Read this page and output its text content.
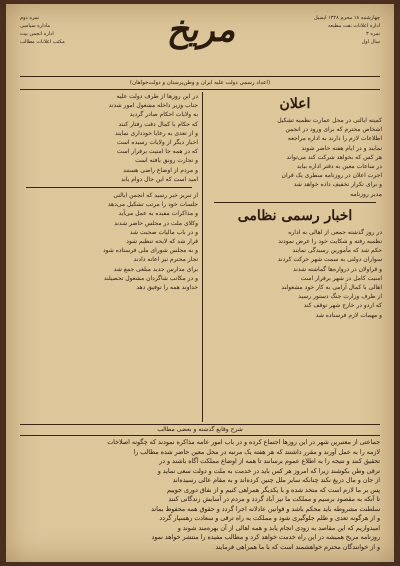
نمره دوم
ماداره سیاسی
اداره انجمن بیت
مکتب اعلانات مطالب	مریخ	چهارشنبه ۱۸ محرم ۱۳۲۸ ایسیل
اداره اعلانات نفت مطبعه
نمره ۳
سال اول
(اعداد رسمی دولت علیه ایران و وطن‌پرستان و دولت‌خواهان)
اعلان
کمیته ایالتی در محل عمارت نظمیه تشکیل
اشخاص محترم که برای ورود در انجمن
اطلاعات لازم را دارند به اداره مراجعه
نمایند و در ایام هفته حاضر شوند
هر کس که بخواهد شرکت کند می‌تواند
در ساعات معین به دفتر اداره بیاید
اجرت اعلان در روزنامه سطری یک قران
و برای تکرار تخفیف داده خواهد شد
مدیر روزنامه
اخبار رسمی نظامی
در روز گذشته جمعی از اهالی به اداره
نظمیه رفته و شکایت خود را عرض نمودند
حکم شد که مأمورین رسیدگی نمایند
سواران دولتی به سمت شهر حرکت کردند
و قراولان در دروازه‌ها گماشته شدند
امنیت کامل در شهر برقرار است
اهالی با کمال آرامی به کار خود مشغولند
از طرف وزارت جنگ دستور رسید
که اردو در خارج شهر توقف کند
و مهمات لازم فرستاده شد
در این روزها از طرف دولت علیه
جناب وزیر داخله مشغول امور شدند
به ولایات احکام صادر گردید
که حکام با کمال دقت رفتار کنند
و از تعدی به رعایا خودداری نمایند
اخبار دیگر از ولایات رسیده است
که در همه جا امنیت برقرار است
و تجارت رونق یافته است
و مردم از اوضاع راضی هستند
امید است که این حال دوام یابد
از تبریز خبر رسید که انجمن ایالتی
جلسات خود را مرتب تشکیل می‌دهد
و مذاکرات مفیده به عمل می‌آید
وکلای ملت در مجلس حاضر شدند
و در باب مالیات صحبت شد
قرار شد که لایحه تنظیم شود
و به مجلس شورای ملی فرستاده شود
تجار محترم نیز اعانه دادند
برای مدارس جدید مبلغی جمع شد
و در مکاتب شاگردان مشغول تحصیلند
خداوند همه را توفیق دهد
شرح وقایع گذشته و بعضی مطالب
جماعتی از معتبرین شهر در این روزها اجتماع کرده و در باب امور عامه مذاکره نمودند که چگونه اصلاحات
لازمه را به عمل آورند و مقرر داشتند که هر هفته یک مرتبه در محل معین حاضر شده مطالب را
تحقیق کنند و نتیجه را به اطلاع عموم برسانند تا همه از اوضاع مملکت آگاه باشند و در
ترقی وطن بکوشند زیرا که امروز هر کس باید در خدمت به ملت و دولت سعی نماید و
از جان و مال دریغ نکند چنانکه سایر ملل چنین کرده‌اند و به مقام عالی رسیده‌اند
پس بر ما لازم است که متحد شده و با یکدیگر همراهی کنیم و از نفاق دوری جوییم
تا آنکه به مقصود برسیم و مملکت ما نیز آباد گردد و مردم در آسایش زندگانی کنند
سلطنت مشروطه باید محکم باشد و قوانین عادلانه اجرا گردد و حقوق همه محفوظ بماند
و از هرگونه تعدی و ظلم جلوگیری شود و مملکت به راه ترقی و سعادت رهسپار گردد
امیدواریم که این مقاصد به زودی انجام یابد و همه اهالی از آن بهره‌مند شوند و
روزنامه مریخ همیشه در این راه خدمت خواهد کرد و مطالب مفیده را منتشر خواهد نمود
و از خوانندگان محترم خواهشمند است که با ما همراهی فرمایند
